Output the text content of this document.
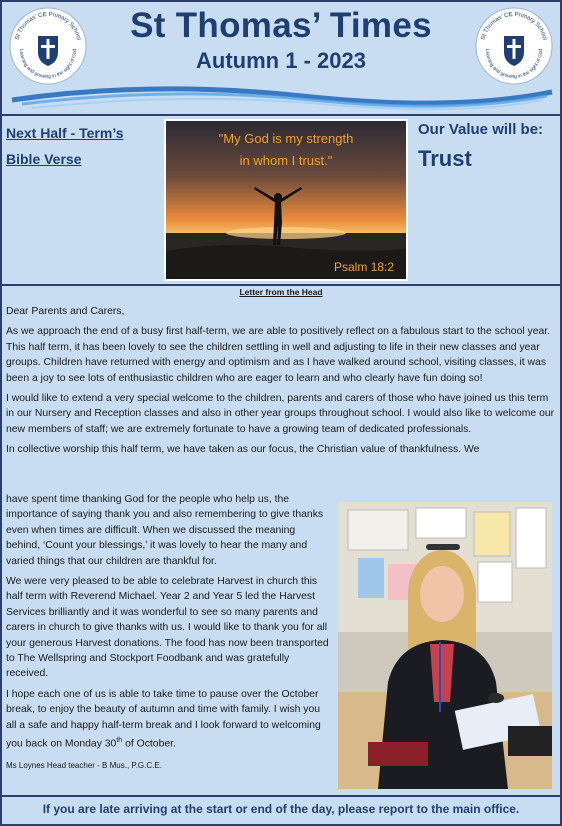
St Thomas' CE Primary School
Learning and growing in the sight of God
St Thomas’ Times
Autumn 1 - 2023
St Thomas' CE Primary School
Learning and growing in the sight of God
Next Half - Term’s
Bible Verse
"My God is my strength
in whom I trust."
Psalm 18:2
Our Value will be:
Trust
Letter from the Head

Dear Parents and Carers,

As we approach the end of a busy first half-term, we are able to positively reflect on a fabulous start to the school year. This half term, it has been lovely to see the children settling in well and adjusting to life in their new classes and year groups. Children have returned with energy and optimism and as I have walked around school, visiting classes, it was been a joy to see lots of enthusiastic children who are eager to learn and who clearly have fun doing so!

I would like to extend a very special welcome to the children, parents and carers of those who have joined us this term in our Nursery and Reception classes and also in other year groups throughout school. I would also like to welcome our new members of staff; we are extremely fortunate to have a growing team of dedicated professionals.

In collective worship this half term, we have taken as our focus, the Christian value of thankfulness. We

have spent time thanking God for the people who help us, the importance of saying thank you and also remembering to give thanks even when times are difficult. When we discussed the meaning behind, ‘Count your blessings,’ it was lovely to hear the many and varied things that our children are thankful for.

We were very pleased to be able to celebrate Harvest in church this half term with Reverend Michael. Year 2 and Year 5 led the Harvest Services brilliantly and it was wonderful to see so many parents and carers in church to give thanks with us. I would like to thank you for all your generous Harvest donations. The food has now been transported to The Wellspring and Stockport Foodbank and was gratefully received.

I hope each one of us is able to take time to pause over the October break, to enjoy the beauty of autumn and time with family. I wish you all a safe and happy half-term break and I look forward to welcoming you back on Monday 30th of October.

Ms Loynes Head teacher - B Mus., P.G.C.E.
If you are late arriving at the start or end of the day, please report to the main office.
